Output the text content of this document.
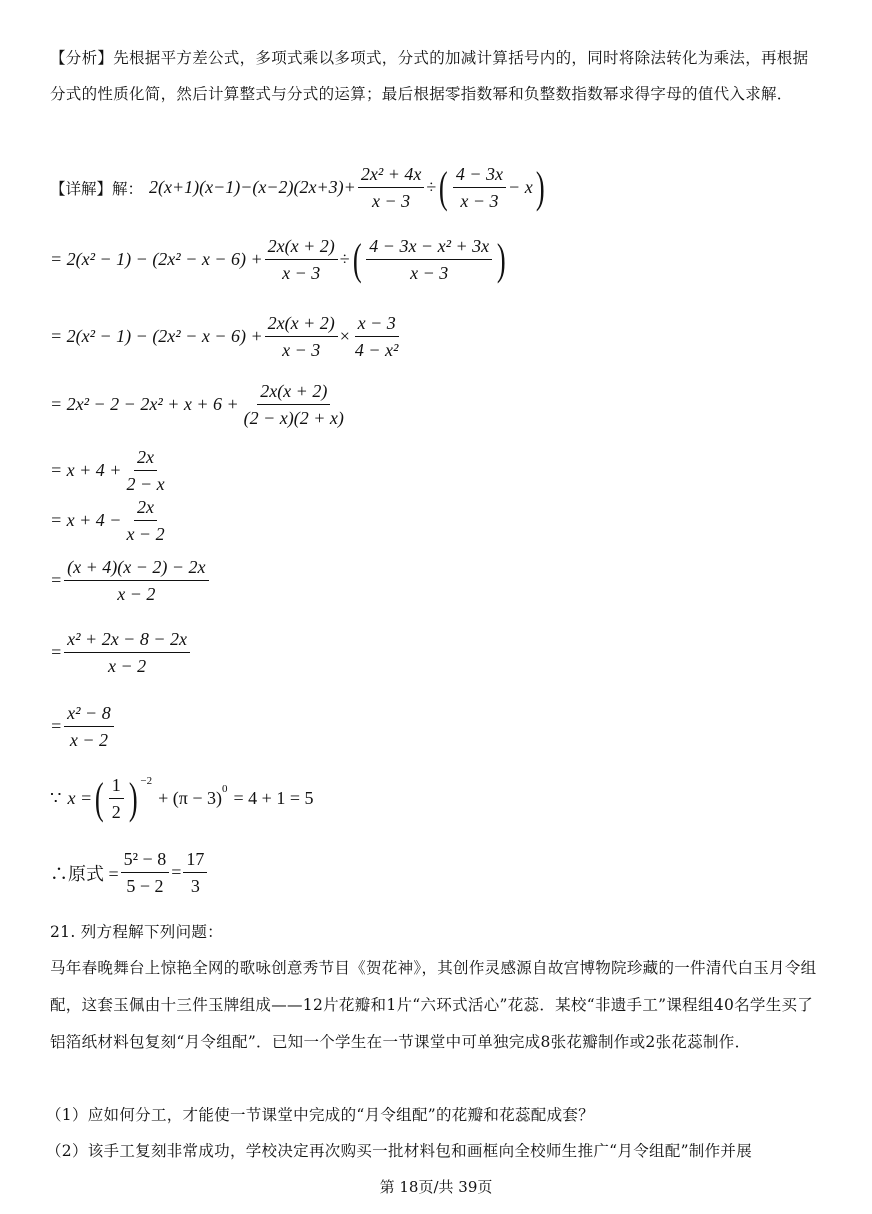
【分析】先根据平方差公式，多项式乘以多项式，分式的加减计算括号内的，同时将除法转化为乘法，再根据分式的性质化简，然后计算整式与分式的运算；最后根据零指数幂和负整数指数幂求得字母的值代入求解．
【详解】 解： $2(x+1)(x-1)-(x-2)(2x+3)+ \frac{\text{2x² + 4x}}{x - 3}$ ÷ ( $\frac{4 - 3x}{x - 3} - x$ )
= $2(x^2 - 1) - (2x^2 - x - 6) + \frac{2x(x + 2)}{x - 3}$ ÷ ( $\frac{\text{4 − 3x − x² + 3x}}{x - 3}$ )
= $2(x^2 - 1) - (2x^2 - x - 6) + \frac{2x(x + 2)}{x - 3} \times \frac{x - 3}{\text{4 − x²}}$
= $2x^2 - 2 - 2x^2 + x + 6 + \frac{2x(x + 2)}{(2 - x)(2 + x)}$
= $x + 4 + \frac{2x}{2 - x}$
= $x + 4 - \frac{2x}{x - 2}$
= $\frac{(x + 4)(x - 2) - 2x}{x - 2}$
= $\frac{\text{x² + 2x − 8 − 2x}}{x - 2}$
= $\frac{\text{x² − 8}}{x - 2}$
∵ x = ( $\frac{1}{2}$ ) −2
+ (π − 3) 0 = 4 + 1 = 5
∴原式 = $\frac{\text{5² − 8}}{5 - 2} = \frac{17}{3}$
21. 列方程解下列问题：
马年春晚舞台上惊艳全网的歌咏创意秀节目《贺花神》，其创作灵感源自故宫博物院珍藏的一件清代白玉月令组配，这套玉佩由十三件玉牌组成——12片花瓣和1片“六环式活心”花蕊．某校“非遗手工”课程组40名学生买了铝箔纸材料包复刻“月令组配”．已知一个学生在一节课堂中可单独完成8张花瓣制作或2张花蕊制作．
（1）应如何分工，才能使一节课堂中完成的“月令组配”的花瓣和花蕊配成套？
（2）该手工复刻非常成功，学校决定再次购买一批材料包和画框向全校师生推广“月令组配”制作并展
第 18页/共 39页
